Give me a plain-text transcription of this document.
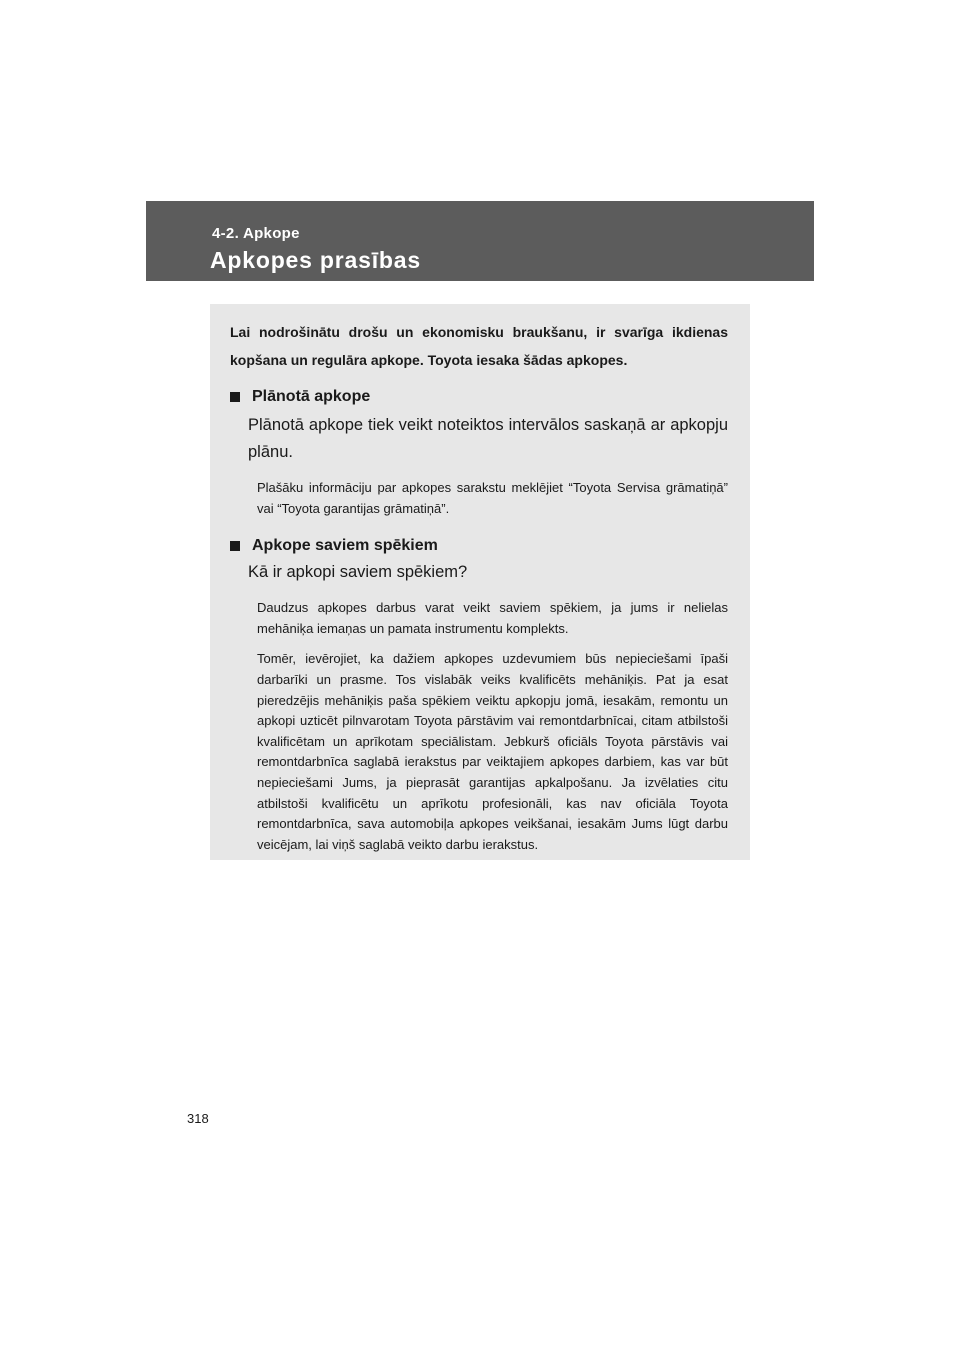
4-2. Apkope
Apkopes prasības

Lai nodrošinātu drošu un ekonomisku braukšanu, ir svarīga ikdienas kopšana un regulāra apkope. Toyota iesaka šādas apkopes.

Plānotā apkope

Plānotā apkope tiek veikt noteiktos intervālos saskaņā ar apkopju plānu.

Plašāku informāciju par apkopes sarakstu meklējiet “Toyota Servisa grāmatiņā” vai “Toyota garantijas grāmatiņā”.

Apkope saviem spēkiem

Kā ir apkopi saviem spēkiem?

Daudzus apkopes darbus varat veikt saviem spēkiem, ja jums ir nelielas mehāniķa iemaņas un pamata instrumentu komplekts.

Tomēr, ievērojiet, ka dažiem apkopes uzdevumiem būs nepieciešami īpaši darbarīki un prasme. Tos vislabāk veiks kvalificēts mehāniķis. Pat ja esat pieredzējis mehāniķis paša spēkiem veiktu apkopju jomā, iesakām, remontu un apkopi uzticēt pilnvarotam Toyota pārstāvim vai remontdarbnīcai, citam atbilstoši kvalificētam un aprīkotam speciālistam. Jebkurš oficiāls Toyota pārstāvis vai remontdarbnīca saglabā ierakstus par veiktajiem apkopes darbiem, kas var būt nepieciešami Jums, ja pieprasāt garantijas apkalpošanu. Ja izvēlaties citu atbilstoši kvalificētu un aprīkotu profesionāli, kas nav oficiāla Toyota remontdarbnīca, sava automobiļa apkopes veikšanai, iesakām Jums lūgt darbu veicējam, lai viņš saglabā veikto darbu ierakstus.

318
